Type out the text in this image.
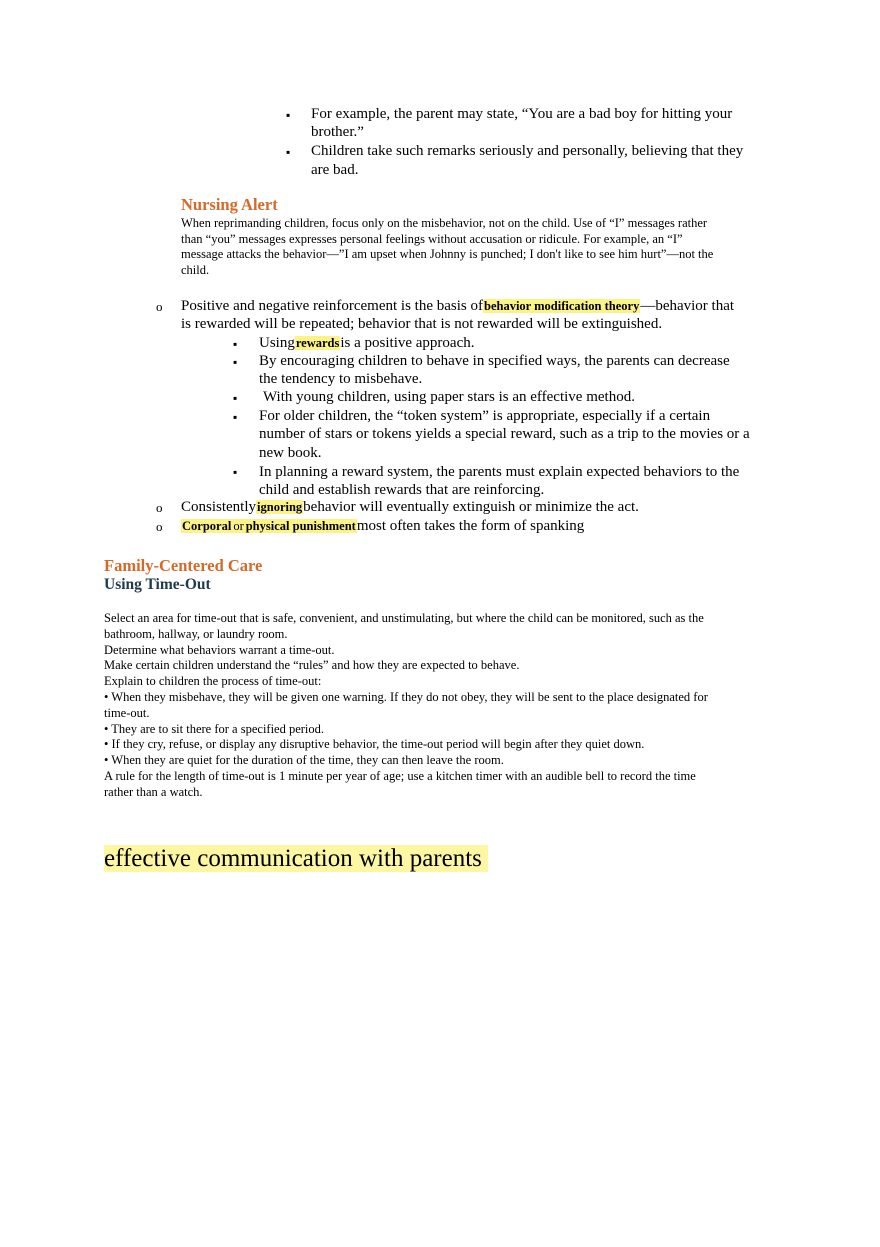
▪ For example, the parent may state, “You are a bad boy for hitting your
brother.”
▪ Children take such remarks seriously and personally, believing that they
are bad.
Nursing Alert
When reprimanding children, focus only on the misbehavior, not on the child. Use of “I” messages rather
than “you” messages expresses personal feelings without accusation or ridicule. For example, an “I”
message attacks the behavior—”I am upset when Johnny is punched; I don't like to see him hurt”—not the
child.
o Positive and negative reinforcement is the basis ofbehavior modification theory—behavior that
is rewarded will be repeated; behavior that is not rewarded will be extinguished.
▪ Usingrewardsis a positive approach.
▪ By encouraging children to behave in specified ways, the parents can decrease
the tendency to misbehave.
▪ With young children, using paper stars is an effective method.
▪ For older children, the “token system” is appropriate, especially if a certain
number of stars or tokens yields a special reward, such as a trip to the movies or a
new book.
▪ In planning a reward system, the parents must explain expected behaviors to the
child and establish rewards that are reinforcing.
o Consistentlyignoringbehavior will eventually extinguish or minimize the act.
o Corporal or physical punishmentmost often takes the form of spanking
Family-Centered Care
Using Time-Out
Select an area for time-out that is safe, convenient, and unstimulating, but where the child can be monitored, such as the
bathroom, hallway, or laundry room.
Determine what behaviors warrant a time-out.
Make certain children understand the “rules” and how they are expected to behave.
Explain to children the process of time-out:
• When they misbehave, they will be given one warning. If they do not obey, they will be sent to the place designated for
time-out.
• They are to sit there for a specified period.
• If they cry, refuse, or display any disruptive behavior, the time-out period will begin after they quiet down.
• When they are quiet for the duration of the time, they can then leave the room.
A rule for the length of time-out is 1 minute per year of age; use a kitchen timer with an audible bell to record the time
rather than a watch.
effective communication with parents
